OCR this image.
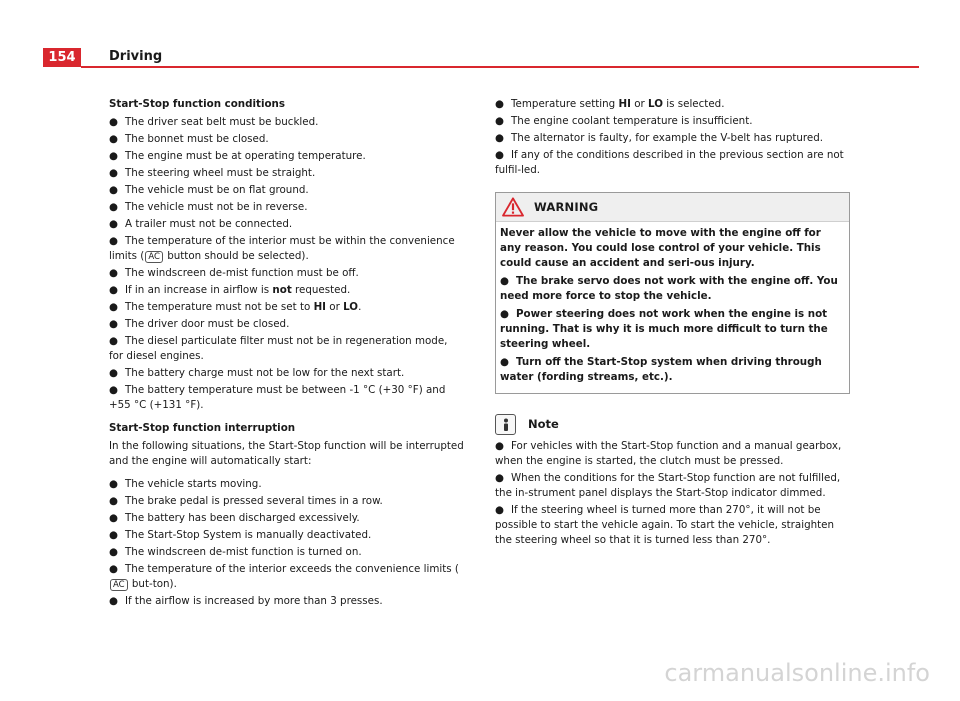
154	Driving
Start-Stop function conditions
● The driver seat belt must be buckled.
● The bonnet must be closed.
● The engine must be at operating temperature.
● The steering wheel must be straight.
● The vehicle must be on flat ground.
● The vehicle must not be in reverse.
● A trailer must not be connected.
● The temperature of the interior must be within the convenience limits ( AC button should be selected).
● The windscreen de-mist function must be off.
● If in an increase in airflow is not requested.
● The temperature must not be set to HI or LO.
● The driver door must be closed.
● The diesel particulate filter must not be in regeneration mode, for diesel engines.
● The battery charge must not be low for the next start.
● The battery temperature must be between -1 °C (+30 °F) and +55 °C (+131 °F).
Start-Stop function interruption
In the following situations, the Start-Stop function will be interrupted and the engine will automatically start:
● The vehicle starts moving.
● The brake pedal is pressed several times in a row.
● The battery has been discharged excessively.
● The Start-Stop System is manually deactivated.
● The windscreen de-mist function is turned on.
● The temperature of the interior exceeds the convenience limits (AC but-ton).
● If the airflow is increased by more than 3 presses.
● Temperature setting HI or LO is selected.
● The engine coolant temperature is insufficient.
● The alternator is faulty, for example the V-belt has ruptured.
● If any of the conditions described in the previous section are not fulfil-led.
WARNING
Never allow the vehicle to move with the engine off for any reason. You could lose control of your vehicle. This could cause an accident and seri-ous injury.
● The brake servo does not work with the engine off. You need more force to stop the vehicle.
● Power steering does not work when the engine is not running. That is why it is much more difficult to turn the steering wheel.
● Turn off the Start-Stop system when driving through water (fording streams, etc.).
Note
● For vehicles with the Start-Stop function and a manual gearbox, when the engine is started, the clutch must be pressed.
● When the conditions for the Start-Stop function are not fulfilled, the in-strument panel displays the Start-Stop indicator dimmed.
● If the steering wheel is turned more than 270°, it will not be possible to start the vehicle again. To start the vehicle, straighten the steering wheel so that it is turned less than 270°.
carmanualsonline.info
